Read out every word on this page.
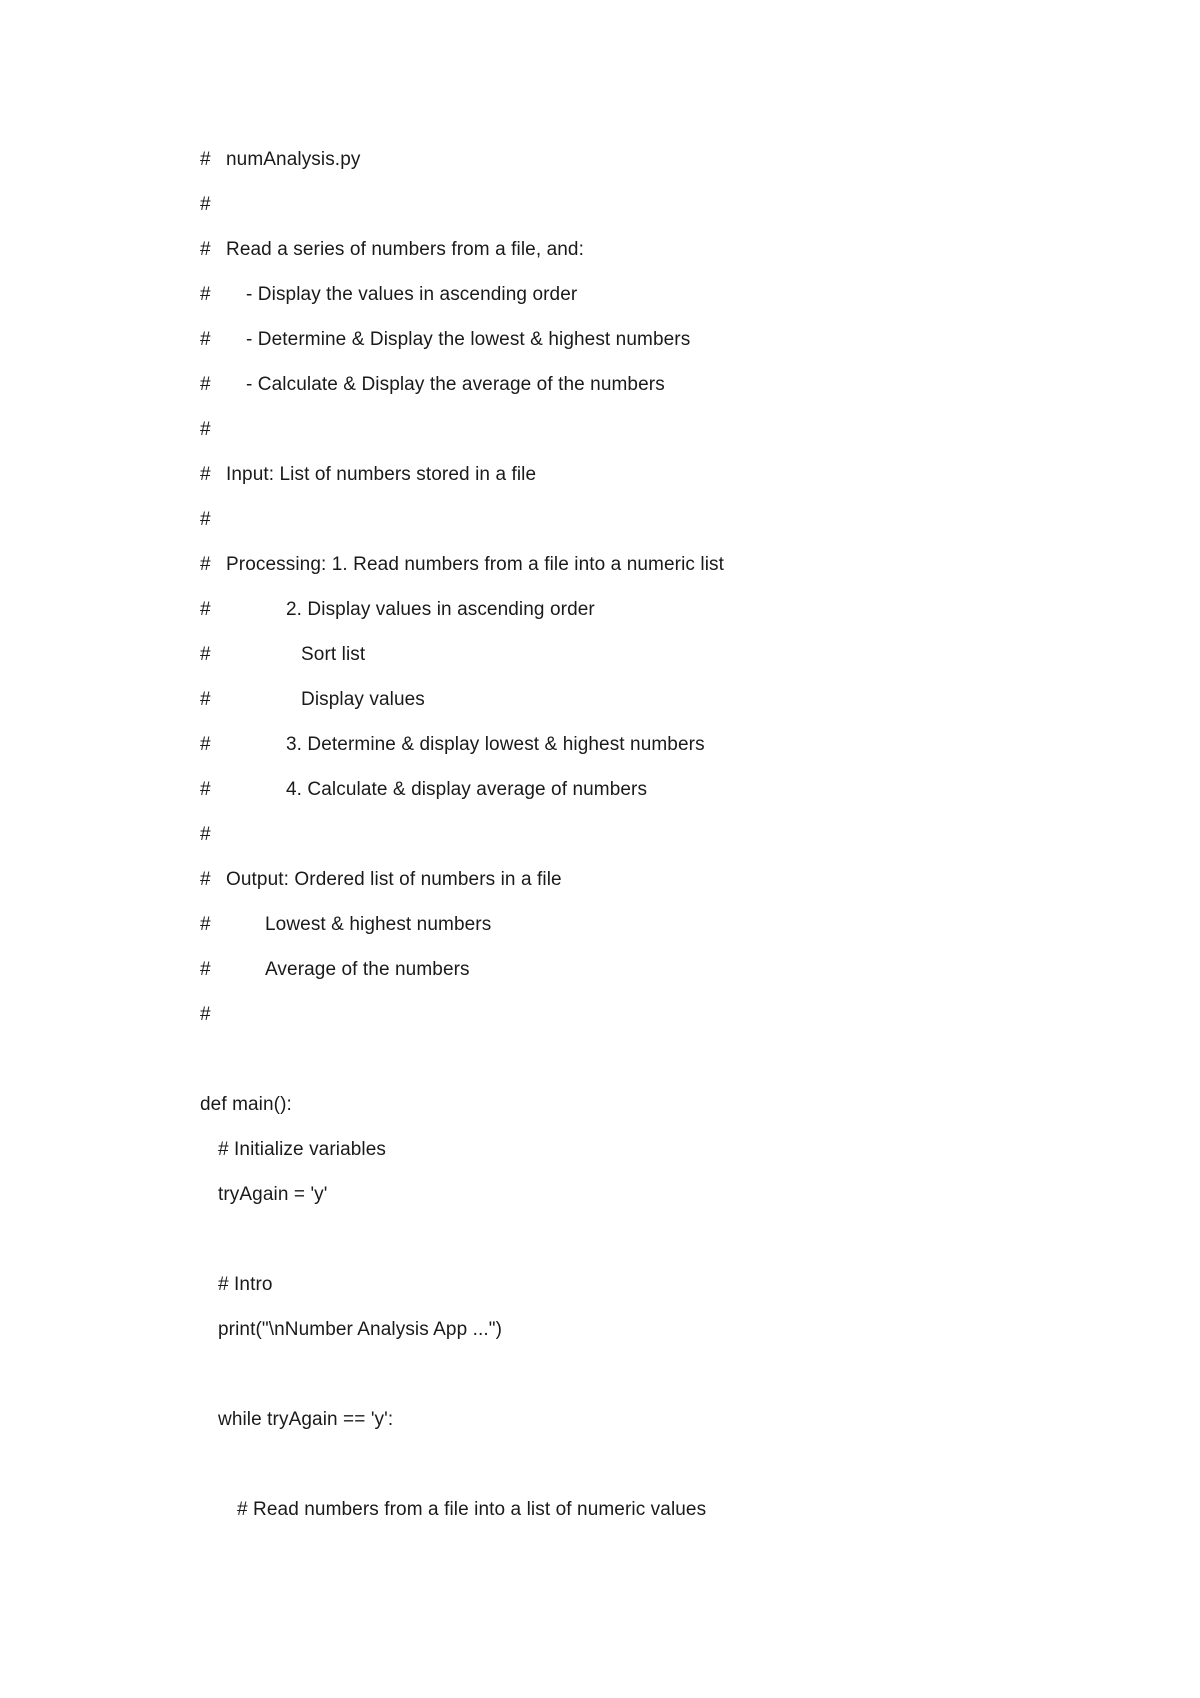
#

numAnalysis.py

#

#

Read a series of numbers from a file, and:

#

- Display the values in ascending order

#

- Determine & Display the lowest & highest numbers

#

- Calculate & Display the average of the numbers

#

#

Input: List of numbers stored in a file

#

#

Processing: 1. Read numbers from a file into a numeric list

#

	2. Display values in ascending order

#

	Sort list

#

	Display values

#

	3. Determine & display lowest & highest numbers

#

	4. Calculate & display average of numbers

#

#

Output: Ordered list of numbers in a file

#

	Lowest & highest numbers

#

	Average of the numbers

#

def main():

# Initialize variables

tryAgain = 'y'

# Intro

print("\nNumber Analysis App ...")

while tryAgain == 'y':

# Read numbers from a file into a list of numeric values
